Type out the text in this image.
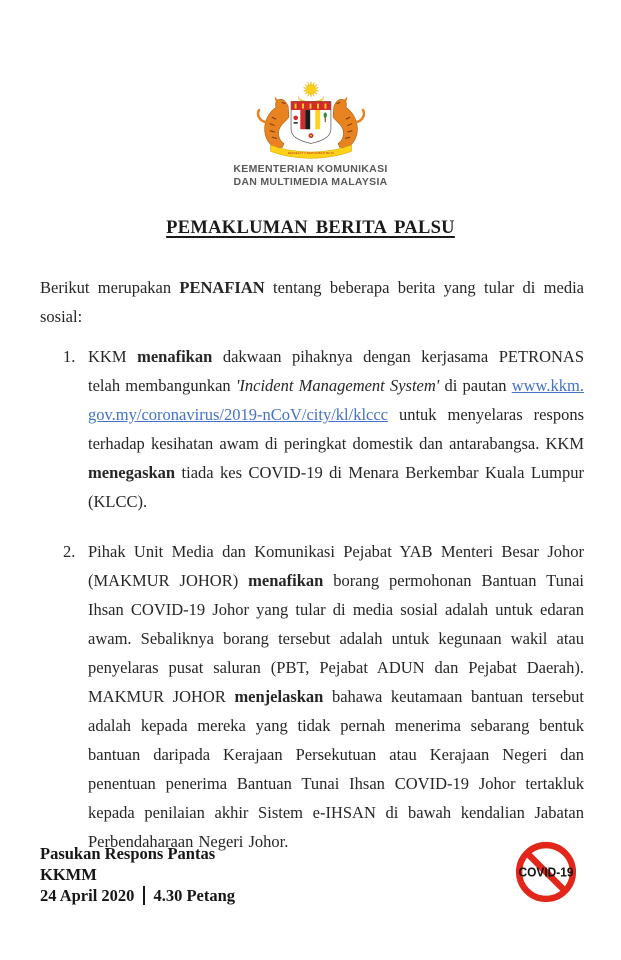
BERSEKUTU BERTAMBAH MUTU
KEMENTERIAN KOMUNIKASI
DAN MULTIMEDIA MALAYSIA
PEMAKLUMAN BERITA PALSU

Berikut merupakan PENAFIAN tentang beberapa berita yang tular di media sosial:

1. KKM menafikan dakwaan pihaknya dengan kerjasama PETRONAS telah membangunkan 'Incident Management System' di pautan www.kkm.gov.my/coronavirus/2019-nCoV/city/kl/klccc untuk menyelaras respons terhadap kesihatan awam di peringkat domestik dan antarabangsa. KKM menegaskan tiada kes COVID-19 di Menara Berkembar Kuala Lumpur (KLCC).

2. Pihak Unit Media dan Komunikasi Pejabat YAB Menteri Besar Johor (MAKMUR JOHOR) menafikan borang permohonan Bantuan Tunai Ihsan COVID-19 Johor yang tular di media sosial adalah untuk edaran awam. Sebaliknya borang tersebut adalah untuk kegunaan wakil atau penyelaras pusat saluran (PBT, Pejabat ADUN dan Pejabat Daerah). MAKMUR JOHOR menjelaskan bahawa keutamaan bantuan tersebut adalah kepada mereka yang tidak pernah menerima sebarang bentuk bantuan daripada Kerajaan Persekutuan atau Kerajaan Negeri dan penentuan penerima Bantuan Tunai Ihsan COVID-19 Johor tertakluk kepada penilaian akhir Sistem e-IHSAN di bawah kendalian Jabatan Perbendaharaan Negeri Johor.

Pasukan Respons Pantas
KKMM
24 April 2020 4.30 Petang
COVID-19
